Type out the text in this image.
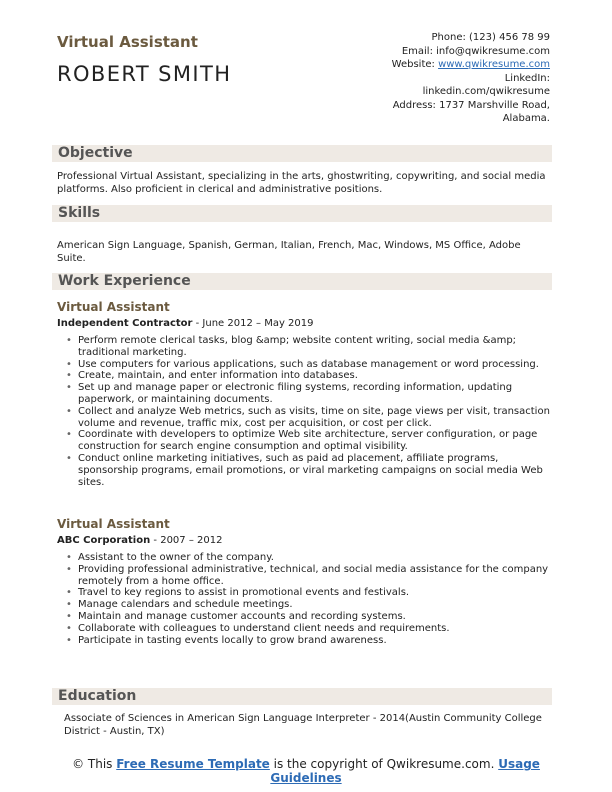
Virtual Assistant
ROBERT SMITH
Phone: (123) 456 78 99
Email: info@qwikresume.com
Website: www.qwikresume.com
LinkedIn:
linkedin.com/qwikresume
Address: 1737 Marshville Road,
Alabama.
Objective
Professional Virtual Assistant, specializing in the arts, ghostwriting, copywriting, and social media platforms. Also proficient in clerical and administrative positions.
Skills
American Sign Language, Spanish, German, Italian, French, Mac, Windows, MS Office, Adobe Suite.
Work Experience
Virtual Assistant
Independent Contractor - June 2012 – May 2019
• Perform remote clerical tasks, blog &amp; website content writing, social media &amp; traditional marketing.
• Use computers for various applications, such as database management or word processing.
• Create, maintain, and enter information into databases.
• Set up and manage paper or electronic filing systems, recording information, updating paperwork, or maintaining documents.
• Collect and analyze Web metrics, such as visits, time on site, page views per visit, transaction volume and revenue, traffic mix, cost per acquisition, or cost per click.
• Coordinate with developers to optimize Web site architecture, server configuration, or page construction for search engine consumption and optimal visibility.
• Conduct online marketing initiatives, such as paid ad placement, affiliate programs, sponsorship programs, email promotions, or viral marketing campaigns on social media Web sites.
Virtual Assistant
ABC Corporation - 2007 – 2012
• Assistant to the owner of the company.
• Providing professional administrative, technical, and social media assistance for the company remotely from a home office.
• Travel to key regions to assist in promotional events and festivals.
• Manage calendars and schedule meetings.
• Maintain and manage customer accounts and recording systems.
• Collaborate with colleagues to understand client needs and requirements.
• Participate in tasting events locally to grow brand awareness.
Education
Associate of Sciences in American Sign Language Interpreter - 2014(Austin Community College District - Austin, TX)
© This Free Resume Template is the copyright of Qwikresume.com. Usage Guidelines
